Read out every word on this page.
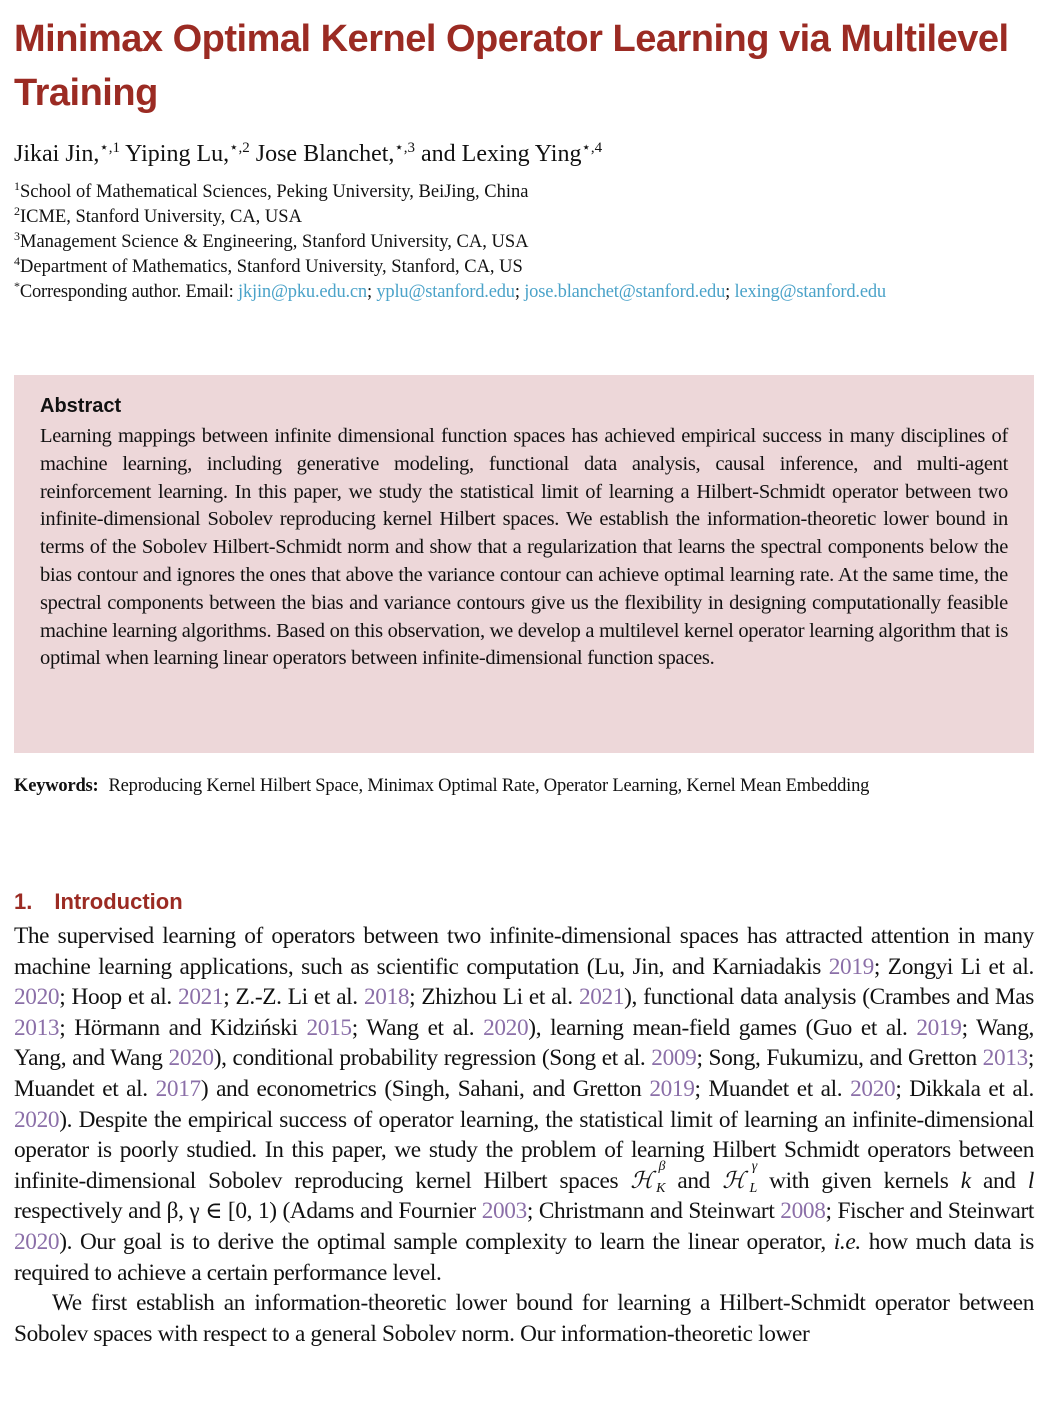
Minimax Optimal Kernel Operator Learning via Multilevel Training
Jikai Jin,$^{⋆,1}$ Yiping Lu,$^{⋆,2}$ Jose Blanchet,$^{⋆,3}$ and Lexing Ying$^{⋆,4}$
$^1$School of Mathematical Sciences, Peking University, BeiJing, China
$^2$ICME, Stanford University, CA, USA
$^3$Management Science & Engineering, Stanford University, CA, USA
$^4$Department of Mathematics, Stanford University, Stanford, CA, US
*Corresponding author. Email: jkjin@pku.edu.cn; yplu@stanford.edu; jose.blanchet@stanford.edu; lexing@stanford.edu
Abstract
Learning mappings between infinite dimensional function spaces has achieved empirical success in many disciplines of machine learning, including generative modeling, functional data analysis, causal inference, and multi-agent reinforcement learning. In this paper, we study the statistical limit of learning a Hilbert-Schmidt operator between two infinite-dimensional Sobolev reproducing kernel Hilbert spaces. We establish the information-theoretic lower bound in terms of the Sobolev Hilbert-Schmidt norm and show that a regularization that learns the spectral components below the bias contour and ignores the ones that above the variance contour can achieve optimal learning rate. At the same time, the spectral components between the bias and variance contours give us the flexibility in designing computationally feasible machine learning algorithms. Based on this observation, we develop a multilevel kernel operator learning algorithm that is optimal when learning linear operators between infinite-dimensional function spaces.
Keywords: Reproducing Kernel Hilbert Space, Minimax Optimal Rate, Operator Learning, Kernel Mean Embedding
1. Introduction

The supervised learning of operators between two infinite-dimensional spaces has attracted attention in many machine learning applications, such as scientific computation (Lu, Jin, and Karniadakis 2019; Zongyi Li et al. 2020; Hoop et al. 2021; Z.-Z. Li et al. 2018; Zhizhou Li et al. 2021), functional data analysis (Crambes and Mas 2013; Hörmann and Kidziński 2015; Wang et al. 2020), learning mean-field games (Guo et al. 2019; Wang, Yang, and Wang 2020), conditional probability regression (Song et al. 2009; Song, Fukumizu, and Gretton 2013; Muandet et al. 2017) and econometrics (Singh, Sahani, and Gretton 2019; Muandet et al. 2020; Dikkala et al. 2020). Despite the empirical success of operator learning, the statistical limit of learning an infinite-dimensional operator is poorly studied. In this paper, we study the problem of learning Hilbert Schmidt operators between infinite-dimensional Sobolev reproducing kernel Hilbert spaces ℋ
β
K and ℋ
γ
L with given kernels k and l respectively and β, γ ∈ [0, 1) (Adams and Fournier 2003; Christmann and Steinwart 2008; Fischer and Steinwart 2020). Our goal is to derive the optimal sample complexity to learn the linear operator, i.e. how much data is required to achieve a certain performance level.

We first establish an information-theoretic lower bound for learning a Hilbert-Schmidt operator between Sobolev spaces with respect to a general Sobolev norm. Our information-theoretic lower
